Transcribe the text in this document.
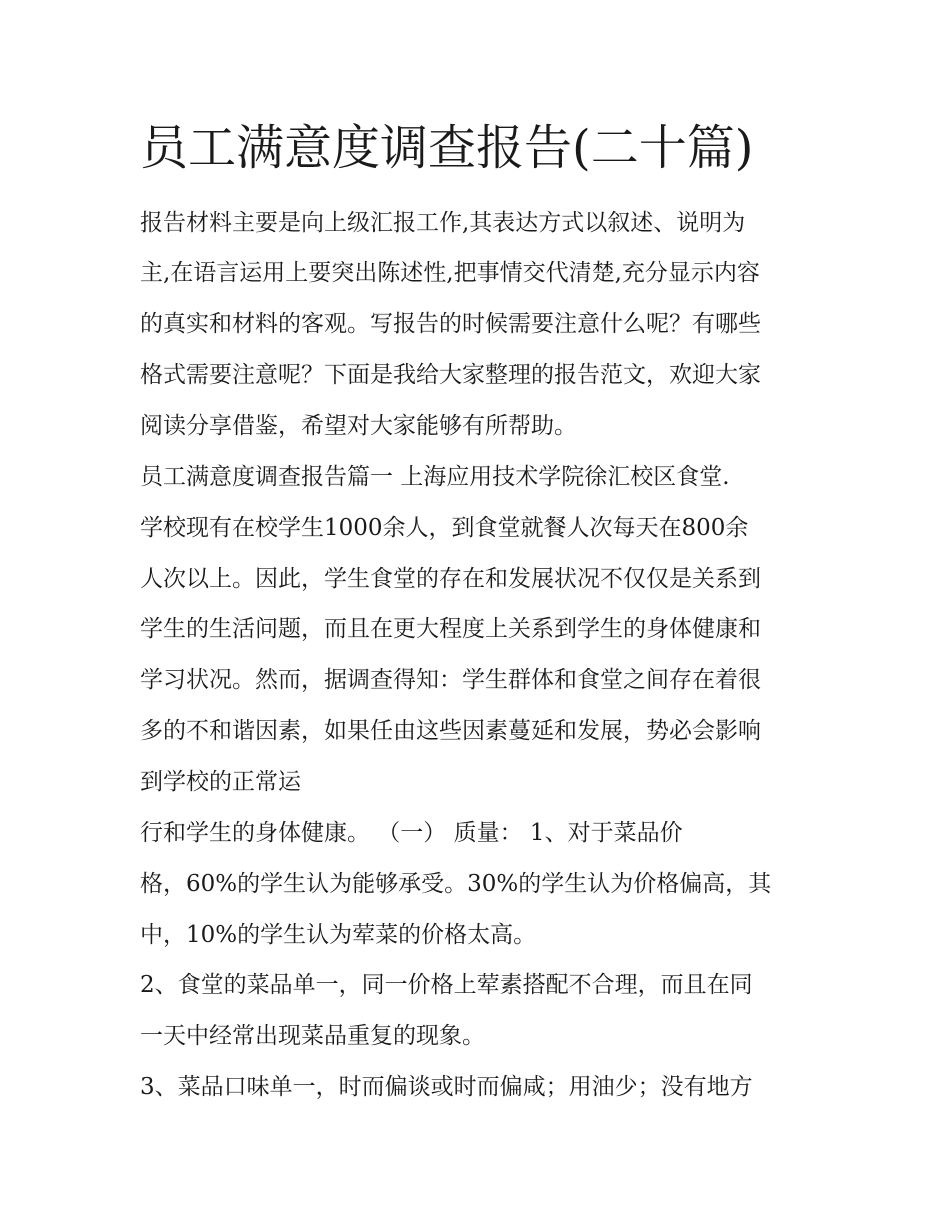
员工满意度调查报告(二十篇)

报告材料主要是向上级汇报工作,其表达方式以叙述、说明为

主,在语言运用上要突出陈述性,把事情交代清楚,充分显示内容

的真实和材料的客观。写报告的时候需要注意什么呢？有哪些

格式需要注意呢？下面是我给大家整理的报告范文，欢迎大家

阅读分享借鉴，希望对大家能够有所帮助。

员工满意度调查报告篇一 上海应用技术学院徐汇校区食堂.

学校现有在校学生1000余人，到食堂就餐人次每天在800余

人次以上。因此，学生食堂的存在和发展状况不仅仅是关系到

学生的生活问题，而且在更大程度上关系到学生的身体健康和

学习状况。然而，据调查得知：学生群体和食堂之间存在着很

多的不和谐因素，如果任由这些因素蔓延和发展，势必会影响

到学校的正常运

行和学生的身体健康。 （一） 质量： 1、对于菜品价

格，60%的学生认为能够承受。30%的学生认为价格偏高，其

中，10%的学生认为荤菜的价格太高。

2、食堂的菜品单一，同一价格上荤素搭配不合理，而且在同

一天中经常出现菜品重复的现象。

3、菜品口味单一，时而偏谈或时而偏咸；用油少；没有地方
